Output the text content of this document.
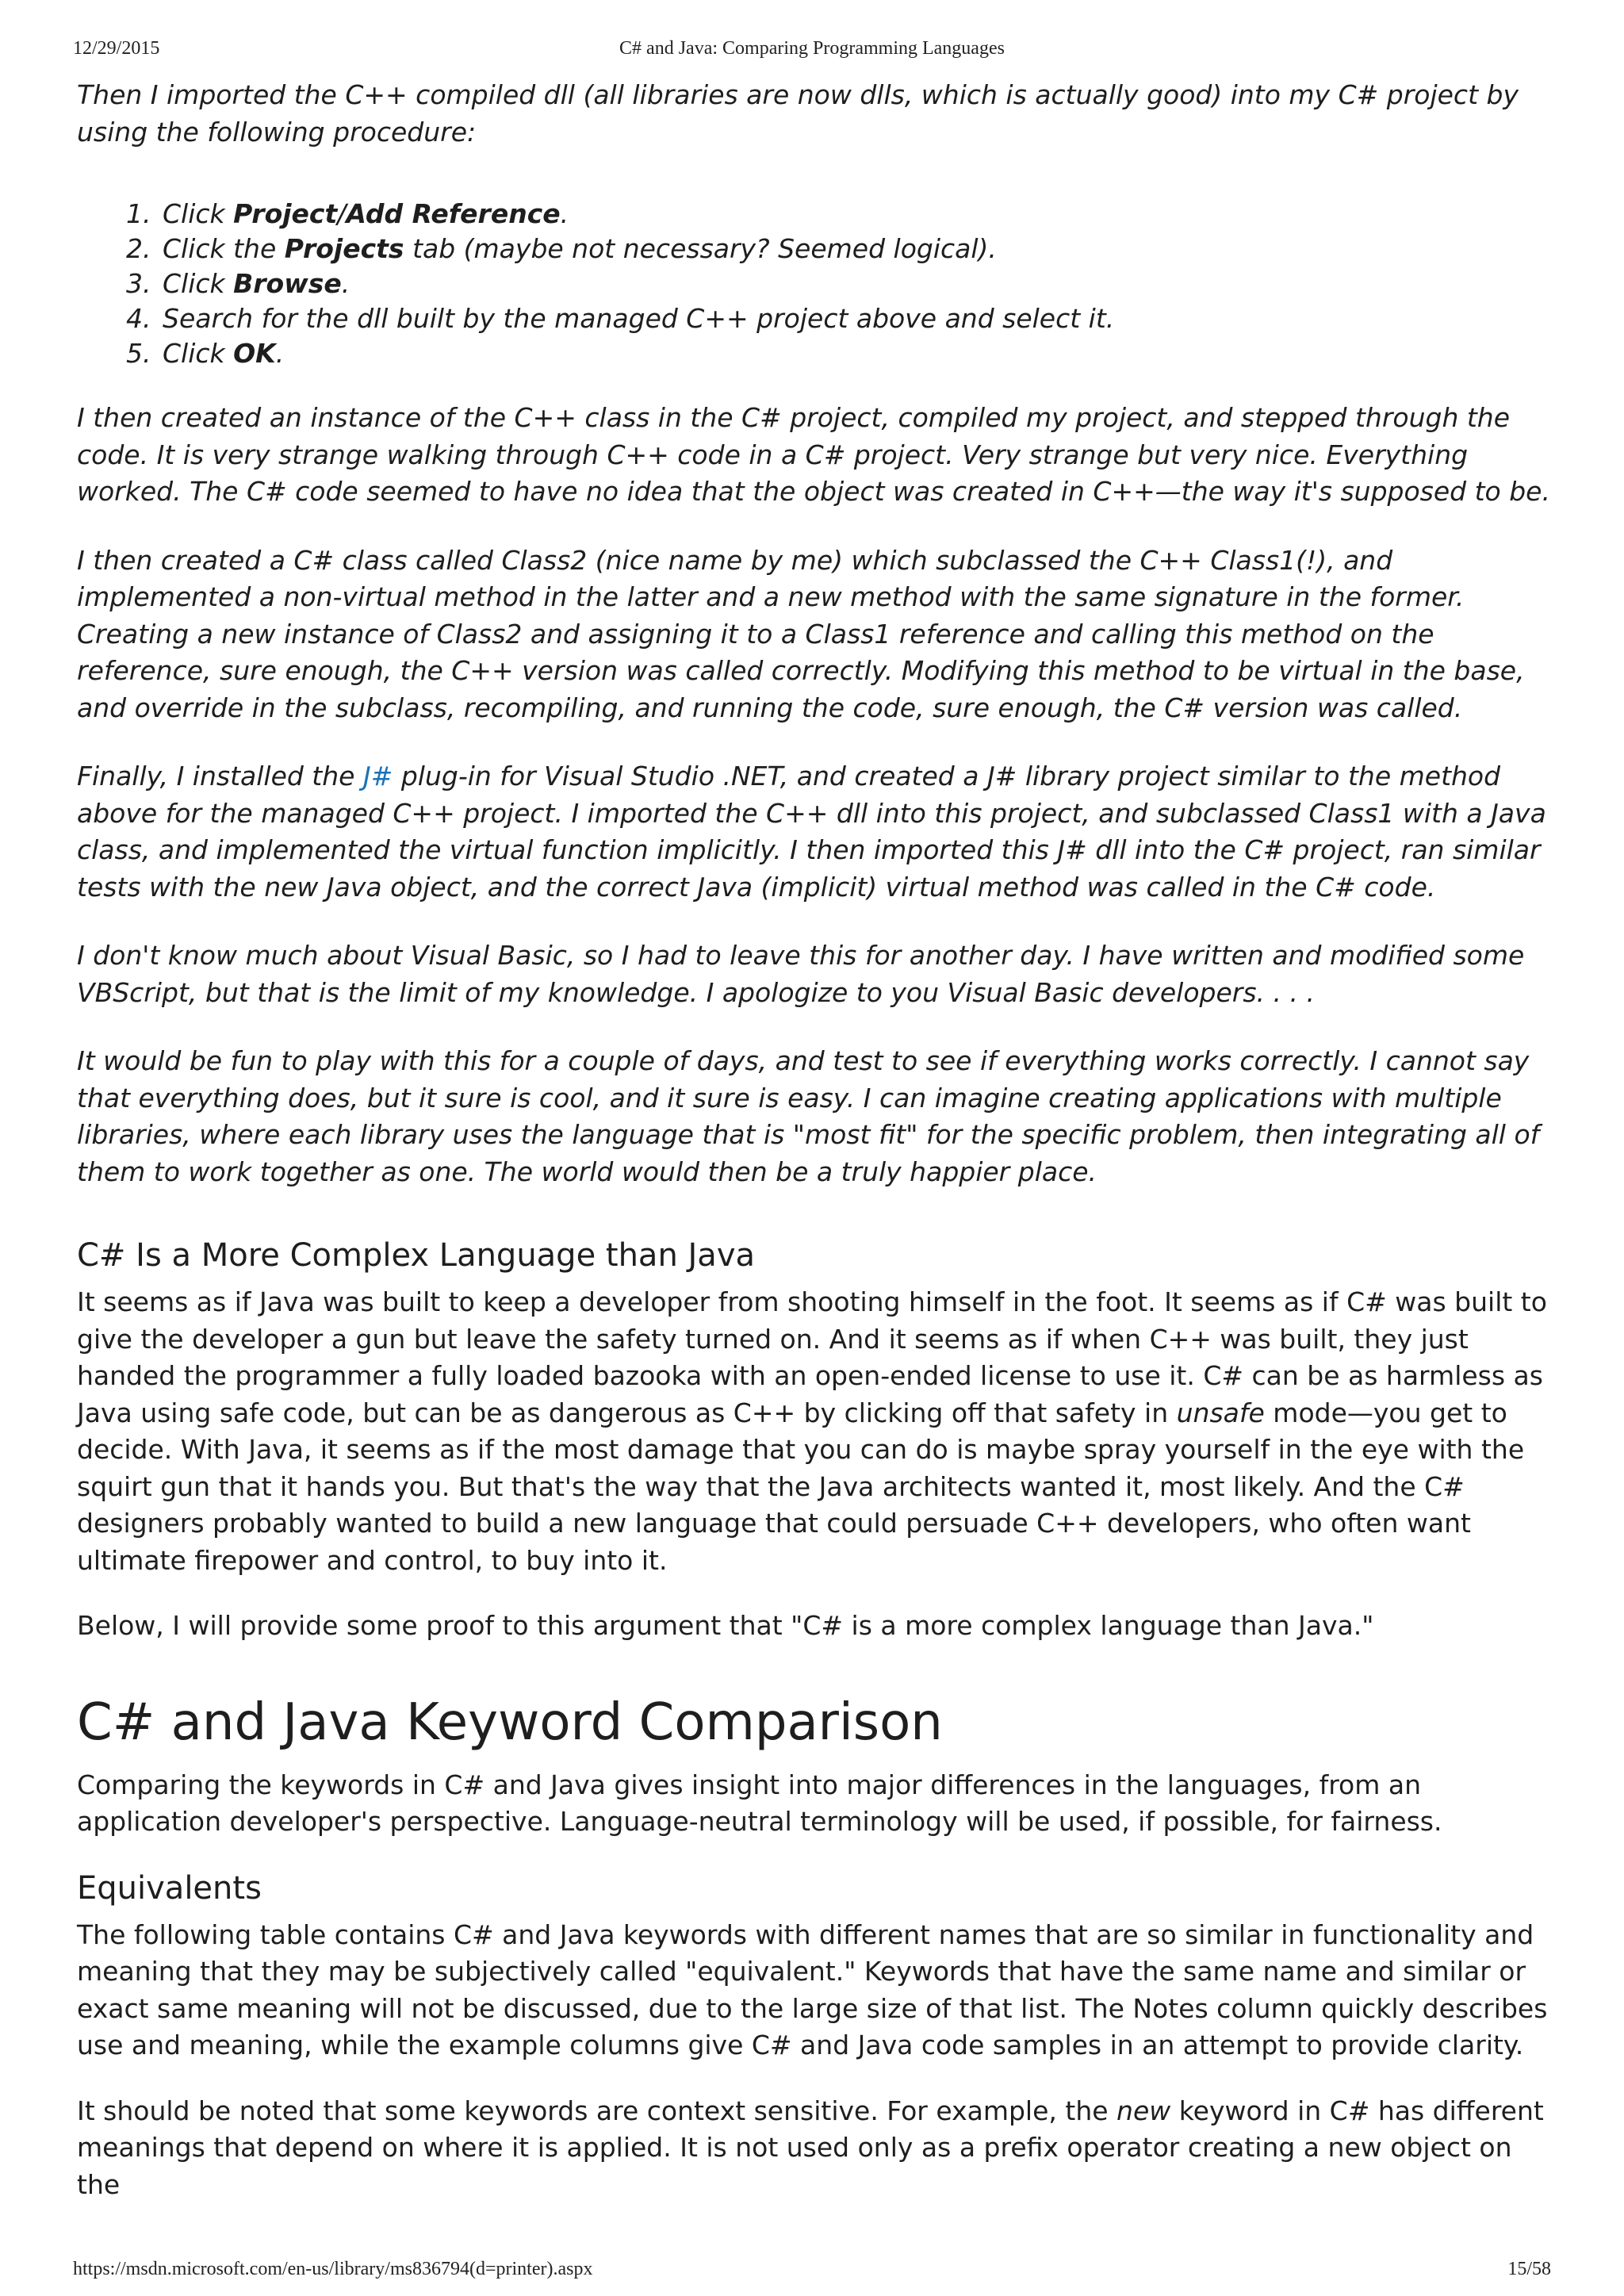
12/29/2015	C# and Java: Comparing Programming Languages

Then I imported the C++ compiled dll (all libraries are now dlls, which is actually good) into my C# project by using the following procedure:

1. Click Project/Add Reference.
2. Click the Projects tab (maybe not necessary? Seemed logical).
3. Click Browse.
4. Search for the dll built by the managed C++ project above and select it.
5. Click OK.

I then created an instance of the C++ class in the C# project, compiled my project, and stepped through the code. It is very strange walking through C++ code in a C# project. Very strange but very nice. Everything worked. The C# code seemed to have no idea that the object was created in C++—the way it's supposed to be.

I then created a C# class called Class2 (nice name by me) which subclassed the C++ Class1(!), and implemented a non-virtual method in the latter and a new method with the same signature in the former. Creating a new instance of Class2 and assigning it to a Class1 reference and calling this method on the reference, sure enough, the C++ version was called correctly. Modifying this method to be virtual in the base, and override in the subclass, recompiling, and running the code, sure enough, the C# version was called.

Finally, I installed the J# plug-in for Visual Studio .NET, and created a J# library project similar to the method above for the managed C++ project. I imported the C++ dll into this project, and subclassed Class1 with a Java class, and implemented the virtual function implicitly. I then imported this J# dll into the C# project, ran similar tests with the new Java object, and the correct Java (implicit) virtual method was called in the C# code.

I don't know much about Visual Basic, so I had to leave this for another day. I have written and modified some VBScript, but that is the limit of my knowledge. I apologize to you Visual Basic developers. . . .

It would be fun to play with this for a couple of days, and test to see if everything works correctly. I cannot say that everything does, but it sure is cool, and it sure is easy. I can imagine creating applications with multiple libraries, where each library uses the language that is "most fit" for the specific problem, then integrating all of them to work together as one. The world would then be a truly happier place.

C# Is a More Complex Language than Java

It seems as if Java was built to keep a developer from shooting himself in the foot. It seems as if C# was built to give the developer a gun but leave the safety turned on. And it seems as if when C++ was built, they just handed the programmer a fully loaded bazooka with an open-ended license to use it. C# can be as harmless as Java using safe code, but can be as dangerous as C++ by clicking off that safety in unsafe mode—you get to decide. With Java, it seems as if the most damage that you can do is maybe spray yourself in the eye with the squirt gun that it hands you. But that's the way that the Java architects wanted it, most likely. And the C# designers probably wanted to build a new language that could persuade C++ developers, who often want ultimate firepower and control, to buy into it.

Below, I will provide some proof to this argument that "C# is a more complex language than Java."

C# and Java Keyword Comparison

Comparing the keywords in C# and Java gives insight into major differences in the languages, from an application developer's perspective. Language-neutral terminology will be used, if possible, for fairness.

Equivalents

The following table contains C# and Java keywords with different names that are so similar in functionality and meaning that they may be subjectively called "equivalent." Keywords that have the same name and similar or exact same meaning will not be discussed, due to the large size of that list. The Notes column quickly describes use and meaning, while the example columns give C# and Java code samples in an attempt to provide clarity.

It should be noted that some keywords are context sensitive. For example, the new keyword in C# has different meanings that depend on where it is applied. It is not used only as a prefix operator creating a new object on the

https://msdn.microsoft.com/en-us/library/ms836794(d=printer).aspx	15/58
